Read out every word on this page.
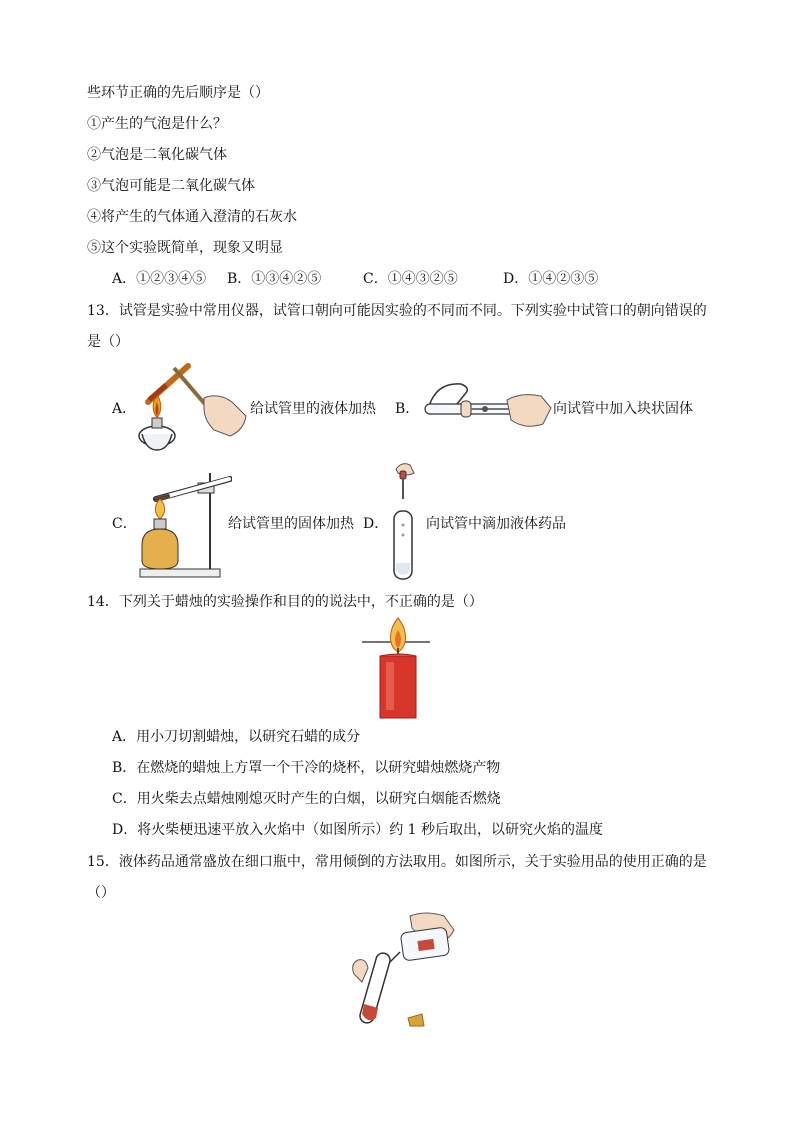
些环节正确的先后顺序是（）
①产生的气泡是什么？
②气泡是二氧化碳气体
③气泡可能是二氧化碳气体
④将产生的气体通入澄清的石灰水
⑤这个实验既简单，现象又明显
A．①②③④⑤ B．①③④②⑤	C．①④③②⑤	D．①④②③⑤
13．试管是实验中常用仪器，试管口朝向可能因实验的不同而不同。下列实验中试管口的朝向错误的
是（）
A．	给试管里的液体加热 B．	向试管中加入块状固体
C．	给试管里的固体加热 D．	向试管中滴加液体药品
14．下列关于蜡烛的实验操作和目的的说法中，不正确的是（）
A．用小刀切割蜡烛，以研究石蜡的成分
B．在燃烧的蜡烛上方罩一个干冷的烧杯，以研究蜡烛燃烧产物
C．用火柴去点蜡烛刚熄灭时产生的白烟，以研究白烟能否燃烧
D．将火柴梗迅速平放入火焰中（如图所示）约 1 秒后取出，以研究火焰的温度
15．液体药品通常盛放在细口瓶中，常用倾倒的方法取用。如图所示，关于实验用品的使用正确的是
（）
